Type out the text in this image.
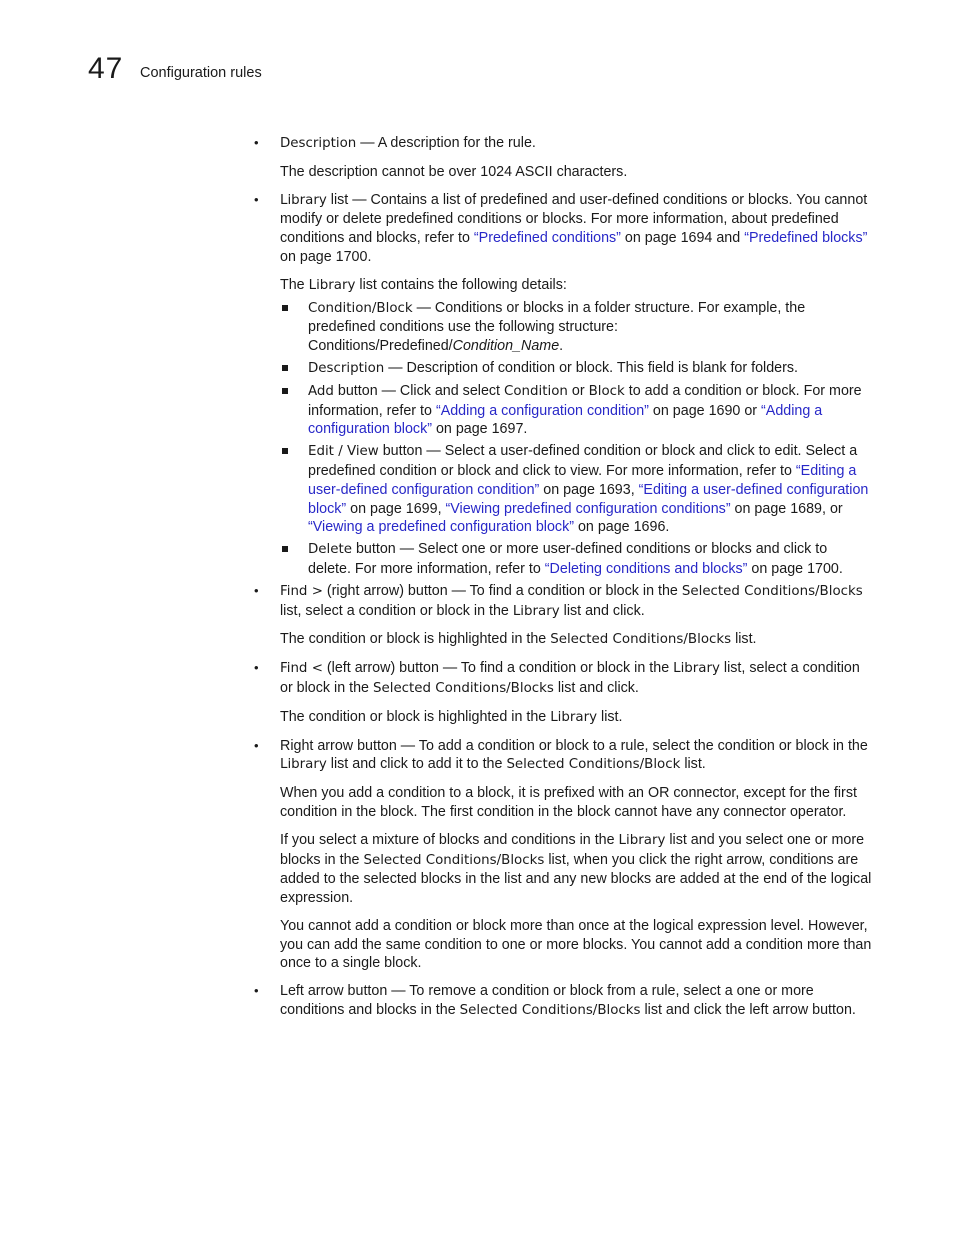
47 Configuration rules
• Description — A description for the rule.

The description cannot be over 1024 ASCII characters.

• Library list — Contains a list of predefined and user-defined conditions or blocks. You cannot modify or delete predefined conditions or blocks. For more information, about predefined conditions and blocks, refer to “Predefined conditions” on page 1694 and “Predefined blocks” on page 1700.

The Library list contains the following details:

Condition/Block — Conditions or blocks in a folder structure. For example, the predefined conditions use the following structure: Conditions/Predefined/Condition_Name.
Description — Description of condition or block. This field is blank for folders.
Add button — Click and select Condition or Block to add a condition or block. For more information, refer to “Adding a configuration condition” on page 1690 or “Adding a configuration block” on page 1697.
Edit / View button — Select a user-defined condition or block and click to edit. Select a predefined condition or block and click to view. For more information, refer to “Editing a user-defined configuration condition” on page 1693, “Editing a user-defined configuration block” on page 1699, “Viewing predefined configuration conditions” on page 1689, or “Viewing a predefined configuration block” on page 1696.
Delete button — Select one or more user-defined conditions or blocks and click to delete. For more information, refer to “Deleting conditions and blocks” on page 1700.
• Find > (right arrow) button — To find a condition or block in the Selected Conditions/Blocks list, select a condition or block in the Library list and click.

The condition or block is highlighted in the Selected Conditions/Blocks list.

• Find < (left arrow) button — To find a condition or block in the Library list, select a condition or block in the Selected Conditions/Blocks list and click.

The condition or block is highlighted in the Library list.

• Right arrow button — To add a condition or block to a rule, select the condition or block in the Library list and click to add it to the Selected Conditions/Block list.

When you add a condition to a block, it is prefixed with an OR connector, except for the first condition in the block. The first condition in the block cannot have any connector operator.

If you select a mixture of blocks and conditions in the Library list and you select one or more blocks in the Selected Conditions/Blocks list, when you click the right arrow, conditions are added to the selected blocks in the list and any new blocks are added at the end of the logical expression.

You cannot add a condition or block more than once at the logical expression level. However, you can add the same condition to one or more blocks. You cannot add a condition more than once to a single block.

• Left arrow button — To remove a condition or block from a rule, select a one or more conditions and blocks in the Selected Conditions/Blocks list and click the left arrow button.
